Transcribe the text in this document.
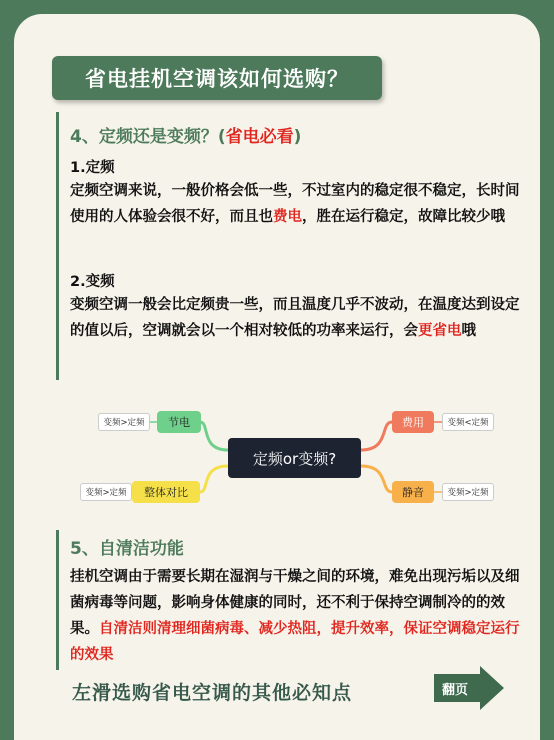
省电挂机空调该如何选购？
4、定频还是变频？(省电必看)
1.定频
定频空调来说，一般价格会低一些，不过室内的稳定很不稳定，长时间使用的人体验会很不好，而且也费电，胜在运行稳定，故障比较少哦
2.变频
变频空调一般会比定频贵一些，而且温度几乎不波动，在温度达到设定的值以后，空调就会以一个相对较低的功率来运行，会更省电哦
变频>定频	节电
变频>定频	整体对比
定频or变频?
费用	变频<定频
静音	变频>定频
5、自清洁功能
挂机空调由于需要长期在湿润与干燥之间的环境，难免出现污垢以及细菌病毒等问题，影响身体健康的同时，还不利于保持空调制冷的的效果。自清洁则清理细菌病毒、减少热阻，提升效率，保证空调稳定运行的效果
左滑选购省电空调的其他必知点	翻页
